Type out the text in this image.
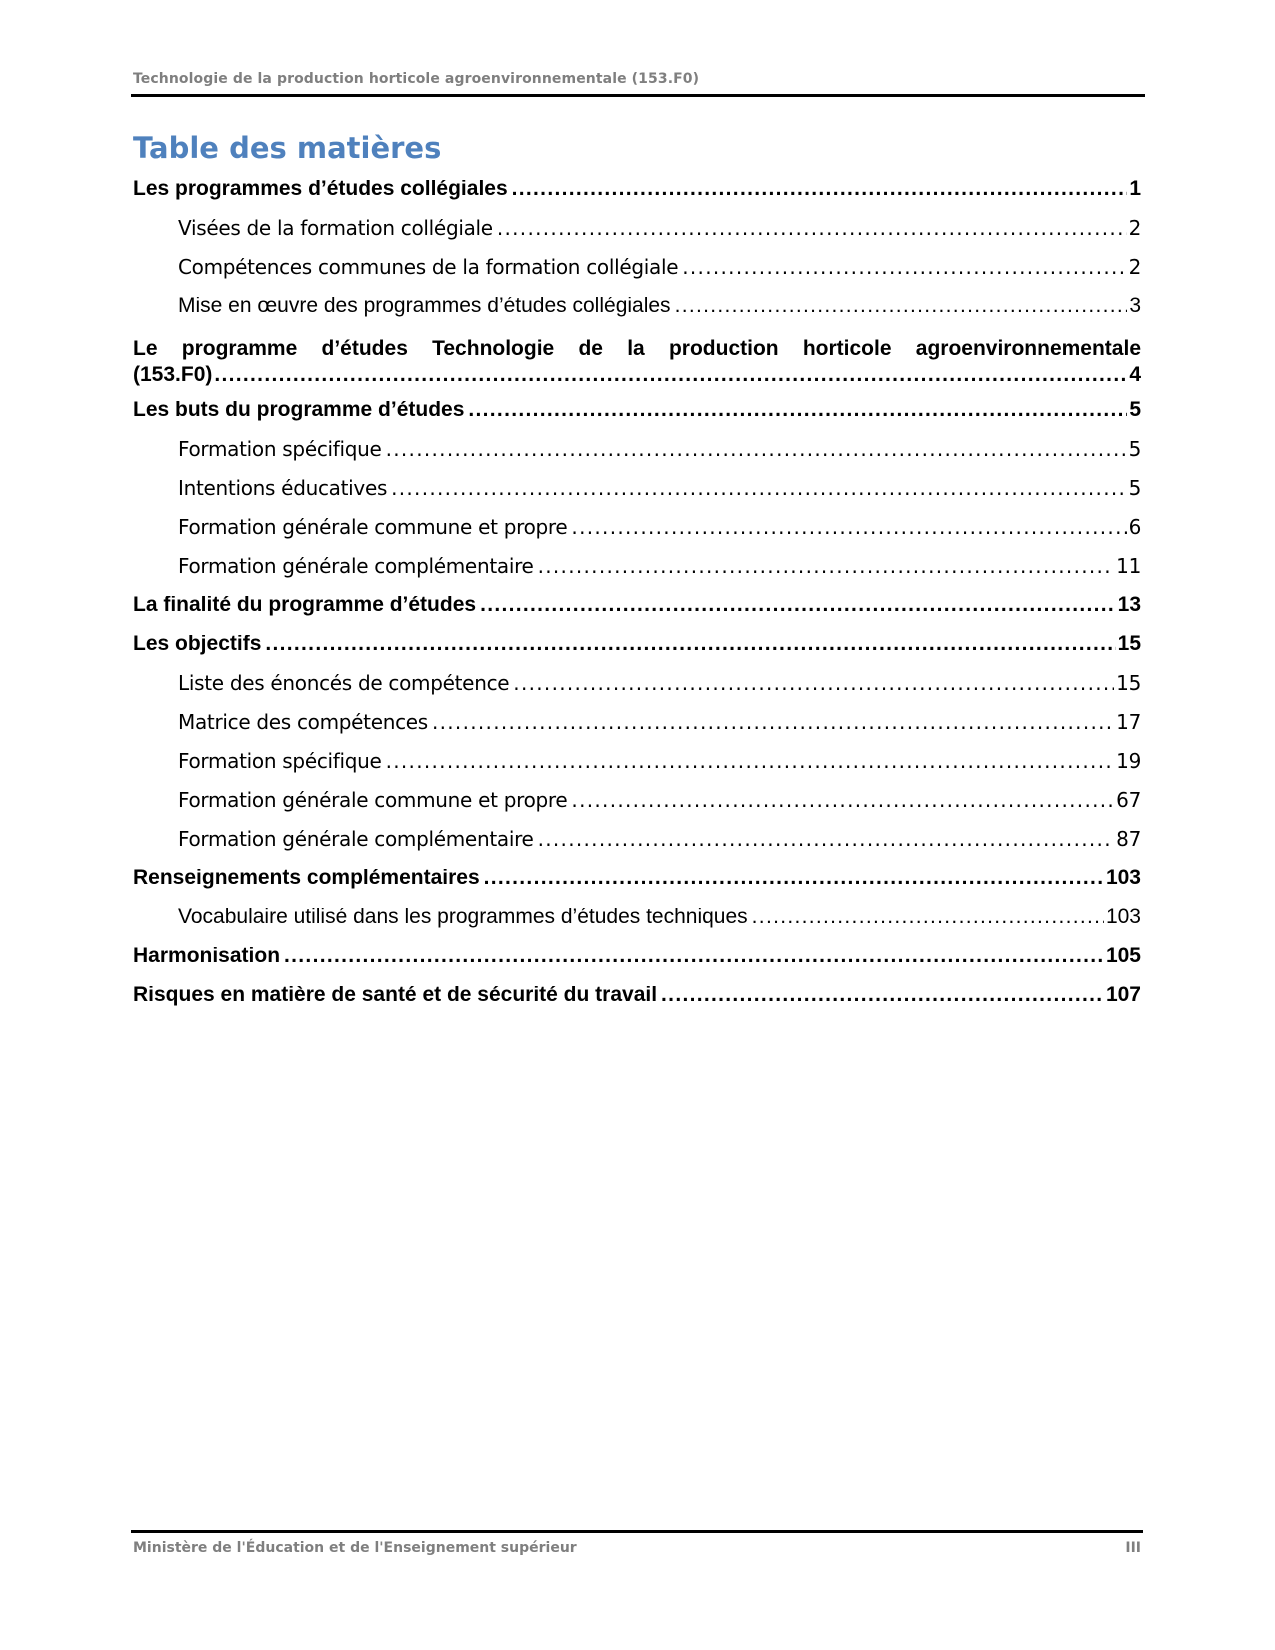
Technologie de la production horticole agroenvironnementale (153.F0)
Table des matières
Les programmes d’études collégiales .....	1
Visées de la formation collégiale .....	2
Compétences communes de la formation collégiale .....	2
Mise en œuvre des programmes d’études collégiales .....	3
Le programme d’études Technologie de la production horticole agroenvironnementale
(153.F0) .....	4
Les buts du programme d’études .....	5
Formation spécifique .....	5
Intentions éducatives .....	5
Formation générale commune et propre .....	6
Formation générale complémentaire .....	11
La finalité du programme d’études .....	13
Les objectifs .....	15
Liste des énoncés de compétence .....	15
Matrice des compétences .....	17
Formation spécifique .....	19
Formation générale commune et propre .....	67
Formation générale complémentaire .....	87
Renseignements complémentaires .....	103
Vocabulaire utilisé dans les programmes d’études techniques .....	103
Harmonisation .....	105
Risques en matière de santé et de sécurité du travail .....	107
Ministère de l'Éducation et de l'Enseignement supérieur	III
